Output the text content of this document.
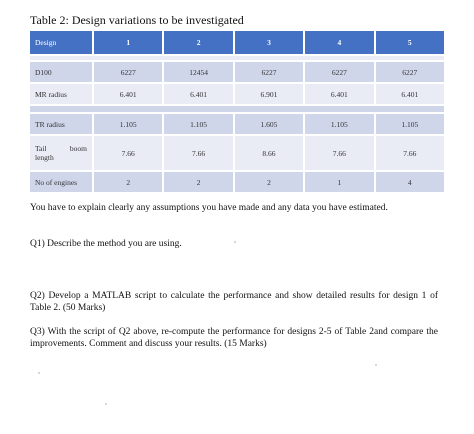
Table 2: Design variations to be investigated
Design	1	2	3	4	5

D100	6227	12454	6227	6227	6227
MR radius	6.401	6.401	6.901	6.401	6.401

TR radius	1.105	1.105	1.605	1.105	1.105

Tail boom
length	7.66	7.66	8.66	7.66	7.66
No of engines	2	2	2	1	4
You have to explain clearly any assumptions you have made and any data you have estimated.
Q1) Describe the method you are using.
Q2) Develop a MATLAB script to calculate the performance and show detailed results for design 1 of Table 2. (50 Marks)
Q3) With the script of Q2 above, re-compute the performance for designs 2-5 of Table 2and compare the improvements. Comment and discuss your results. (15 Marks)
